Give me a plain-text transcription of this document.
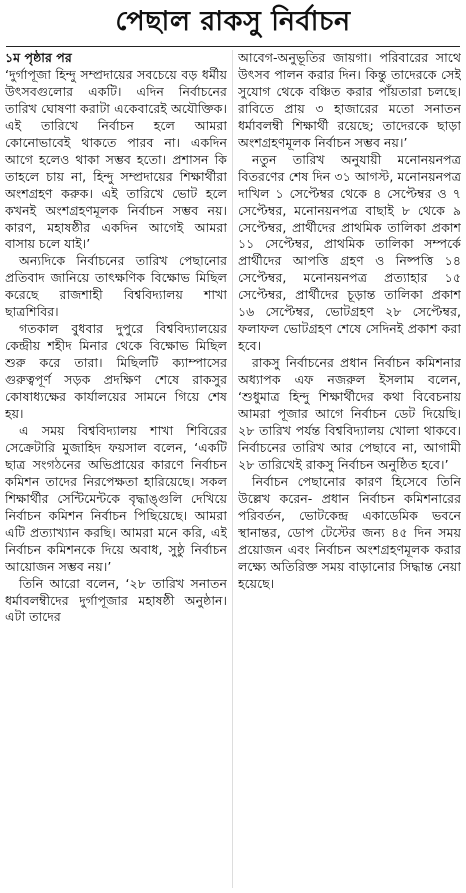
পেছাল রাকসু নির্বাচন

১ম পৃষ্ঠার পর

‘দুর্গাপূজা হিন্দু সম্প্রদায়ের সবচেয়ে বড় ধর্মীয় উৎসবগুলোর একটি। এদিন নির্বাচনের তারিখ ঘোষণা করাটা একেবারেই অযৌক্তিক। এই তারিখে নির্বাচন হলে আমরা কোনোভাবেই থাকতে পারব না। একদিন আগে হলেও থাকা সম্ভব হতো। প্রশাসন কি তাহলে চায় না, হিন্দু সম্প্রদায়ের শিক্ষার্থীরা অংশগ্রহণ করুক। এই তারিখে ভোট হলে কখনই অংশগ্রহণমূলক নির্বাচন সম্ভব নয়। কারণ, মহাষষ্ঠীর একদিন আগেই আমরা বাসায় চলে যাই।’

অন্যদিকে নির্বাচনের তারিখ পেছানোর প্রতিবাদ জানিয়ে তাৎক্ষণিক বিক্ষোভ মিছিল করেছে রাজশাহী বিশ্ববিদ্যালয় শাখা ছাত্রশিবির।

গতকাল বুধবার দুপুরে বিশ্ববিদ্যালয়ের কেন্দ্রীয় শহীদ মিনার থেকে বিক্ষোভ মিছিল শুরু করে তারা। মিছিলটি ক্যাম্পাসের গুরুত্বপূর্ণ সড়ক প্রদক্ষিণ শেষে রাকসুর কোষাধ্যক্ষের কার্যালয়ের সামনে গিয়ে শেষ হয়।

এ সময় বিশ্ববিদ্যালয় শাখা শিবিরের সেক্রেটারি মুজাহিদ ফয়সাল বলেন, ‘একটি ছাত্র সংগঠনের অভিপ্রায়ের কারণে নির্বাচন কমিশন তাদের নিরপেক্ষতা হারিয়েছে। সকল শিক্ষার্থীর সেন্টিমেন্টকে বৃদ্ধাঙ্গুলি দেখিয়ে নির্বাচন কমিশন নির্বাচন পিছিয়েছে। আমরা এটি প্রত্যাখ্যান করছি। আমরা মনে করি, এই নির্বাচন কমিশনকে দিয়ে অবাধ, সুষ্ঠু নির্বাচন আয়োজন সম্ভব নয়।’

তিনি আরো বলেন, ‘২৮ তারিখ সনাতন ধর্মাবলম্বীদের দুর্গাপূজার মহাষষ্ঠী অনুষ্ঠান। এটা তাদের

আবেগ-অনুভূতির জায়গা। পরিবারের সাথে উৎসব পালন করার দিন। কিন্তু তাদেরকে সেই সুযোগ থেকে বঞ্চিত করার পাঁয়তারা চলছে। রাবিতে প্রায় ৩ হাজারের মতো সনাতন ধর্মাবলম্বী শিক্ষার্থী রয়েছে; তাদেরকে ছাড়া অংশগ্রহণমূলক নির্বাচন সম্ভব নয়।’

নতুন তারিখ অনুযায়ী মনোনয়নপত্র বিতরণের শেষ দিন ৩১ আগস্ট, মনোনয়নপত্র দাখিল ১ সেপ্টেম্বর থেকে ৪ সেপ্টেম্বর ও ৭ সেপ্টেম্বর, মনোনয়নপত্র বাছাই ৮ থেকে ৯ সেপ্টেম্বর, প্রার্থীদের প্রাথমিক তালিকা প্রকাশ ১১ সেপ্টেম্বর, প্রাথমিক তালিকা সম্পর্কে প্রার্থীদের আপত্তি গ্রহণ ও নিষ্পত্তি ১৪ সেপ্টেম্বর, মনোনয়নপত্র প্রত্যাহার ১৫ সেপ্টেম্বর, প্রার্থীদের চূড়ান্ত তালিকা প্রকাশ ১৬ সেপ্টেম্বর, ভোটগ্রহণ ২৮ সেপ্টেম্বর, ফলাফল ভোটগ্রহণ শেষে সেদিনই প্রকাশ করা হবে।

রাকসু নির্বাচনের প্রধান নির্বাচন কমিশনার অধ্যাপক এফ নজরুল ইসলাম বলেন, ‘শুধুমাত্র হিন্দু শিক্ষার্থীদের কথা বিবেচনায় আমরা পূজার আগে নির্বাচন ডেট দিয়েছি। ২৮ তারিখ পর্যন্ত বিশ্ববিদ্যালয় খোলা থাকবে। নির্বাচনের তারিখ আর পেছাবে না, আগামী ২৮ তারিখেই রাকসু নির্বাচন অনুষ্ঠিত হবে।’

নির্বাচন পেছানোর কারণ হিসেবে তিনি উল্লেখ করেন- প্রধান নির্বাচন কমিশনারের পরিবর্তন, ভোটকেন্দ্র একাডেমিক ভবনে স্থানান্তর, ডোপ টেস্টের জন্য ৪৫ দিন সময় প্রয়োজন এবং নির্বাচন অংশগ্রহণমূলক করার লক্ষ্যে অতিরিক্ত সময় বাড়ানোর সিদ্ধান্ত নেয়া হয়েছে।
